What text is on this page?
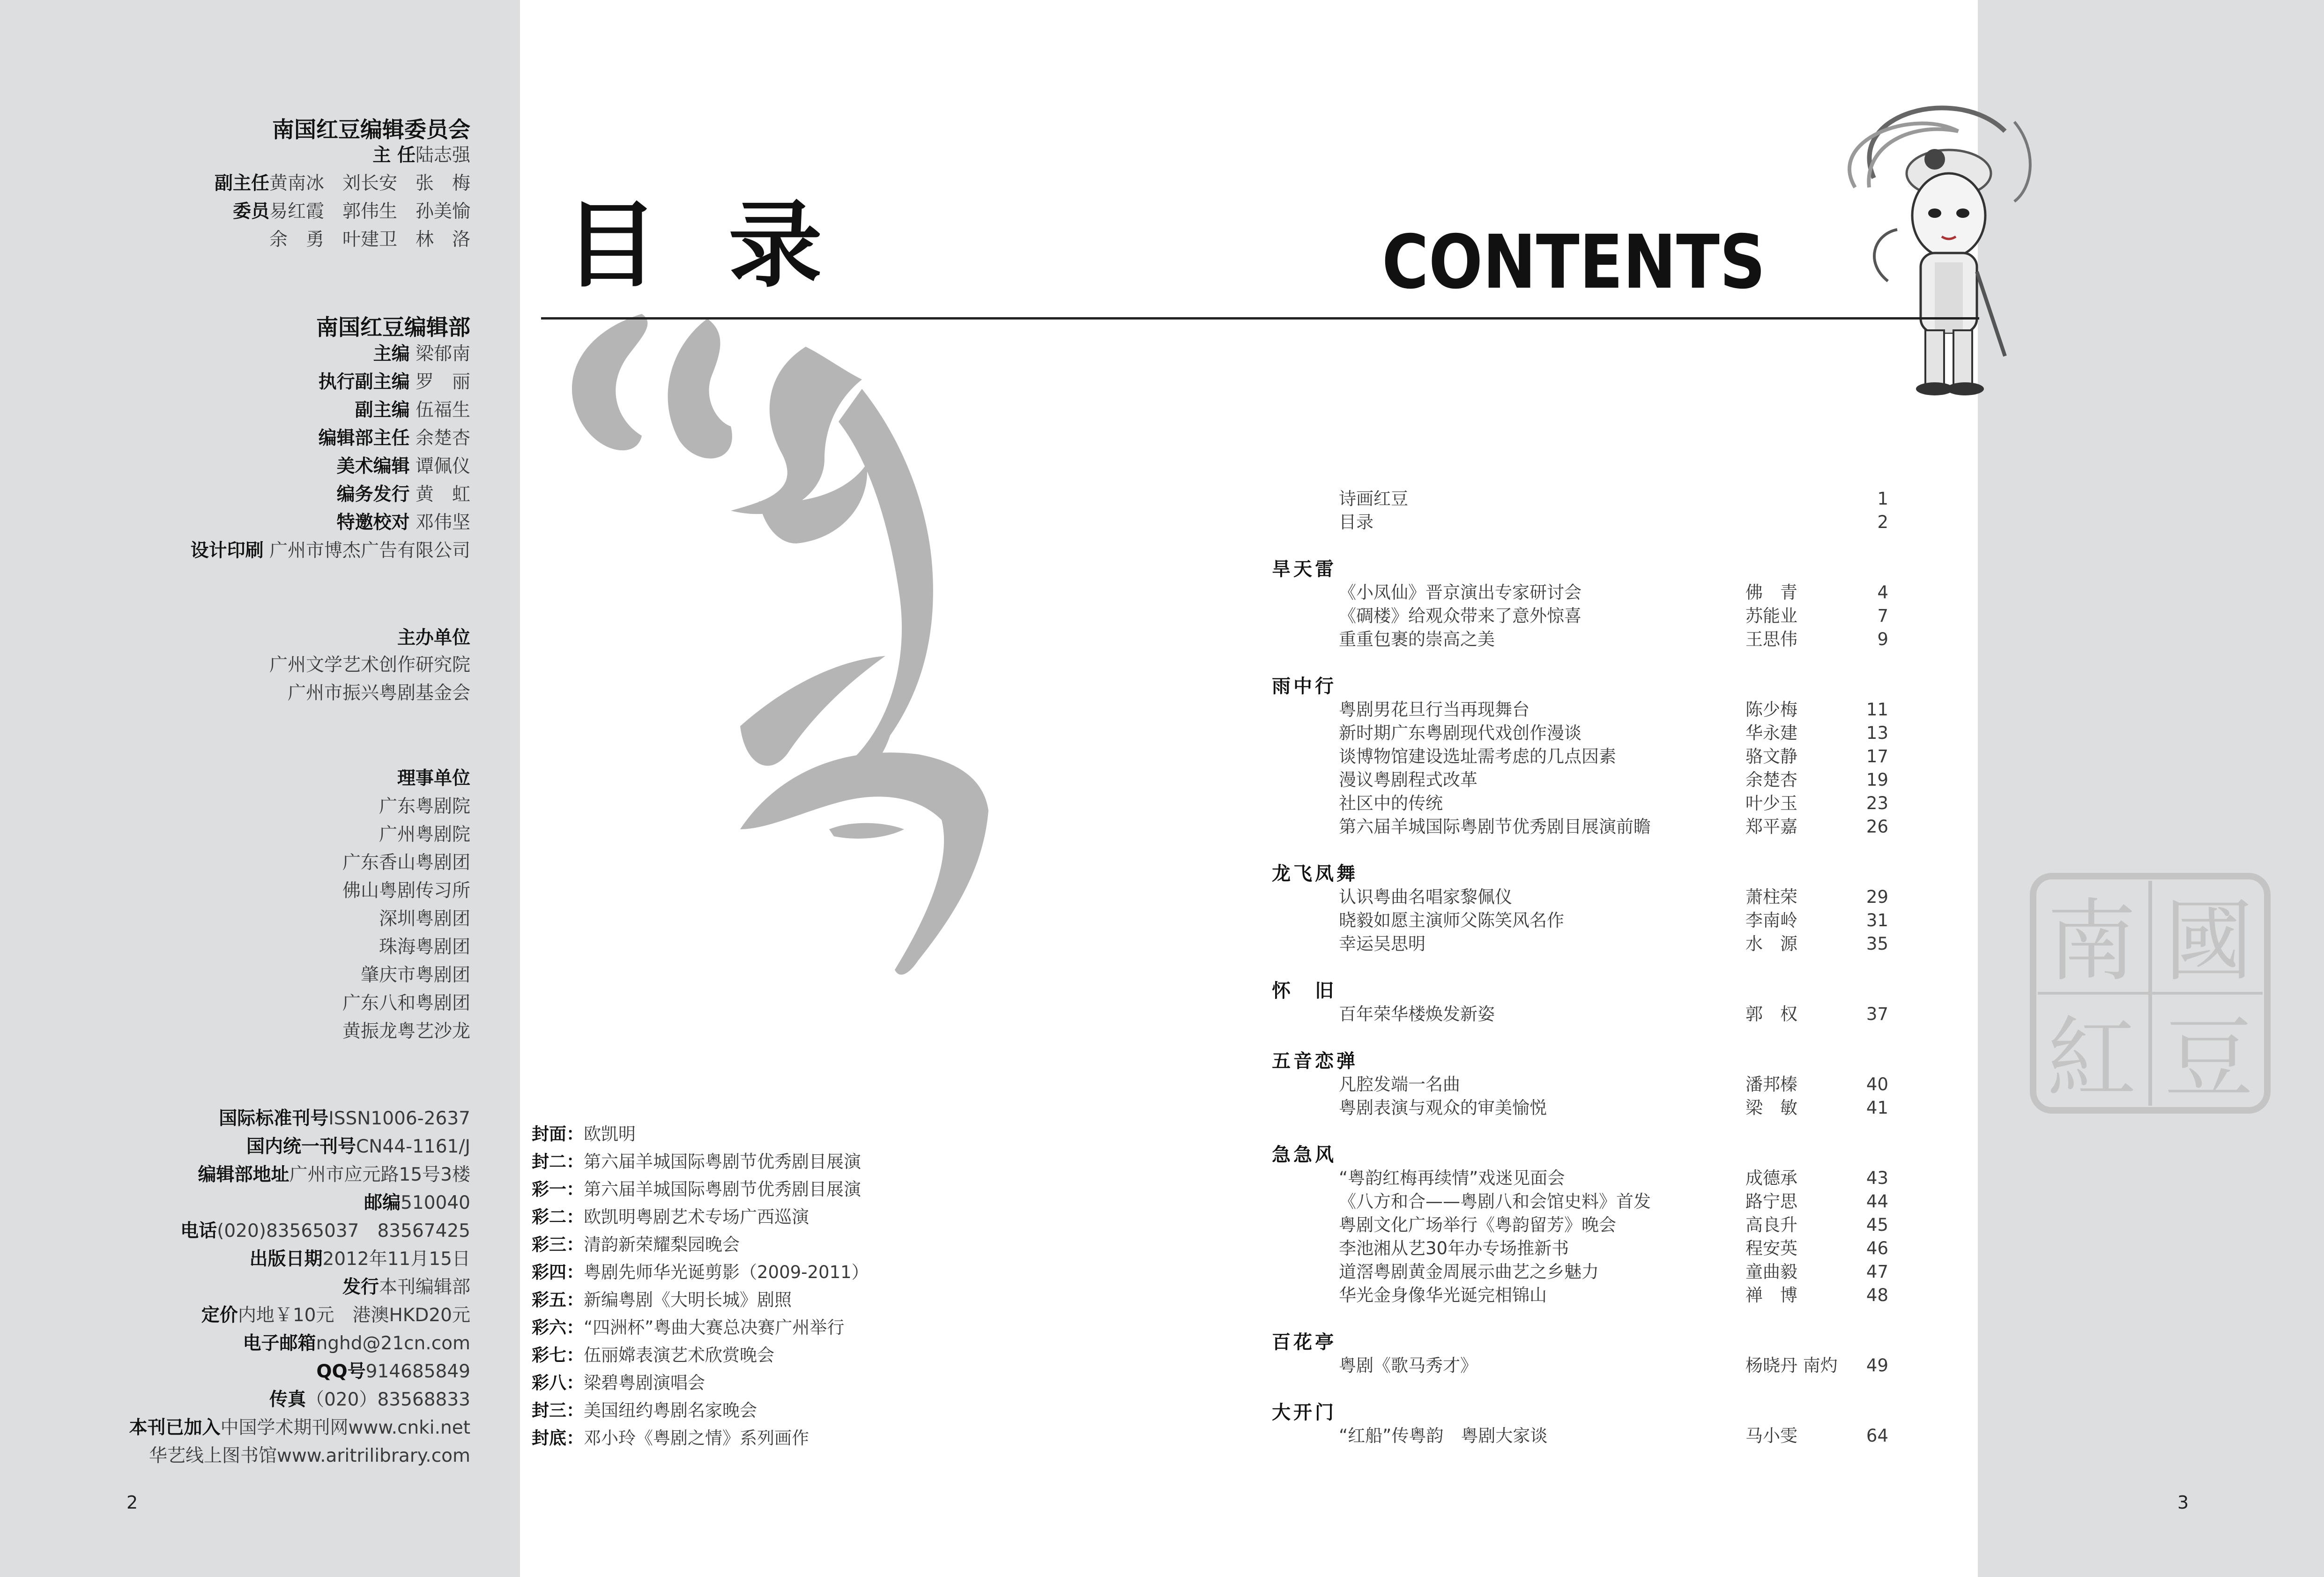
國
豆
南
紅
南国红豆编辑委员会
主 任陆志强
副主任黄南冰　刘长安　张　梅
委员易红霞　郭伟生　孙美愉
余　勇　叶建卫　林　洛
南国红豆编辑部
主编 梁郁南
执行副主编 罗　丽
副主编 伍福生
编辑部主任 余楚杏
美术编辑 谭佩仪
编务发行 黄　虹
特邀校对 邓伟坚
设计印刷 广州市博杰广告有限公司
主办单位
广州文学艺术创作研究院
广州市振兴粤剧基金会
理事单位
广东粤剧院
广州粤剧院
广东香山粤剧团
佛山粤剧传习所
深圳粤剧团
珠海粤剧团
肇庆市粤剧团
广东八和粤剧团
黄振龙粤艺沙龙
国际标准刊号ISSN1006-2637
国内统一刊号CN44-1161/J
编辑部地址广州市应元路15号3楼
邮编510040
电话(020)83565037　83567425
出版日期2012年11月15日
发行本刊编辑部
定价内地￥10元　港澳HKD20元
电子邮箱nghd@21cn.com
QQ号914685849
传真（020）83568833
本刊已加入中国学术期刊网www.cnki.net
华艺线上图书馆www.aritrilibrary.com
目录	CONTENTS
封面：欧凯明
封二：第六届羊城国际粤剧节优秀剧目展演
彩一：第六届羊城国际粤剧节优秀剧目展演
彩二：欧凯明粤剧艺术专场广西巡演
彩三：清韵新荣耀梨园晚会
彩四：粤剧先师华光诞剪影（2009-2011）
彩五：新编粤剧《大明长城》剧照
彩六：“四洲杯”粤曲大赛总决赛广州举行
彩七：伍丽嫦表演艺术欣赏晚会
彩八：梁碧粤剧演唱会
封三：美国纽约粤剧名家晚会
封底：邓小玲《粤剧之情》系列画作
诗画红豆	1
目录	2
旱天雷
《小凤仙》晋京演出专家研讨会	佛　青	4
《碉楼》给观众带来了意外惊喜	苏能业	7
重重包裹的崇高之美	王思伟	9
雨中行
粤剧男花旦行当再现舞台	陈少梅	11
新时期广东粤剧现代戏创作漫谈	华永建	13
谈博物馆建设选址需考虑的几点因素	骆文静	17
漫议粤剧程式改革	余楚杏	19
社区中的传统	叶少玉	23
第六届羊城国际粤剧节优秀剧目展演前瞻	郑平嘉	26
龙飞凤舞
认识粤曲名唱家黎佩仪	萧柱荣	29
晓毅如愿主演师父陈笑风名作	李南岭	31
幸运吴思明	水　源	35
怀　旧
百年荣华楼焕发新姿	郭　权	37
五音恋弹
凡腔发端一名曲	潘邦榛	40
粤剧表演与观众的审美愉悦	梁　敏	41
急急风
“粤韵红梅再续情”戏迷见面会	成德承	43
《八方和合——粤剧八和会馆史料》首发	路宁思	44
粤剧文化广场举行《粤韵留芳》晚会	高良升	45
李池湘从艺30年办专场推新书	程安英	46
道滘粤剧黄金周展示曲艺之乡魅力	童曲毅	47
华光金身像华光诞完相锦山	禅　博	48
百花亭
粤剧《歌马秀才》	杨晓丹 南灼 49
大开门
“红船”传粤韵　粤剧大家谈	马小雯	64
2	3
